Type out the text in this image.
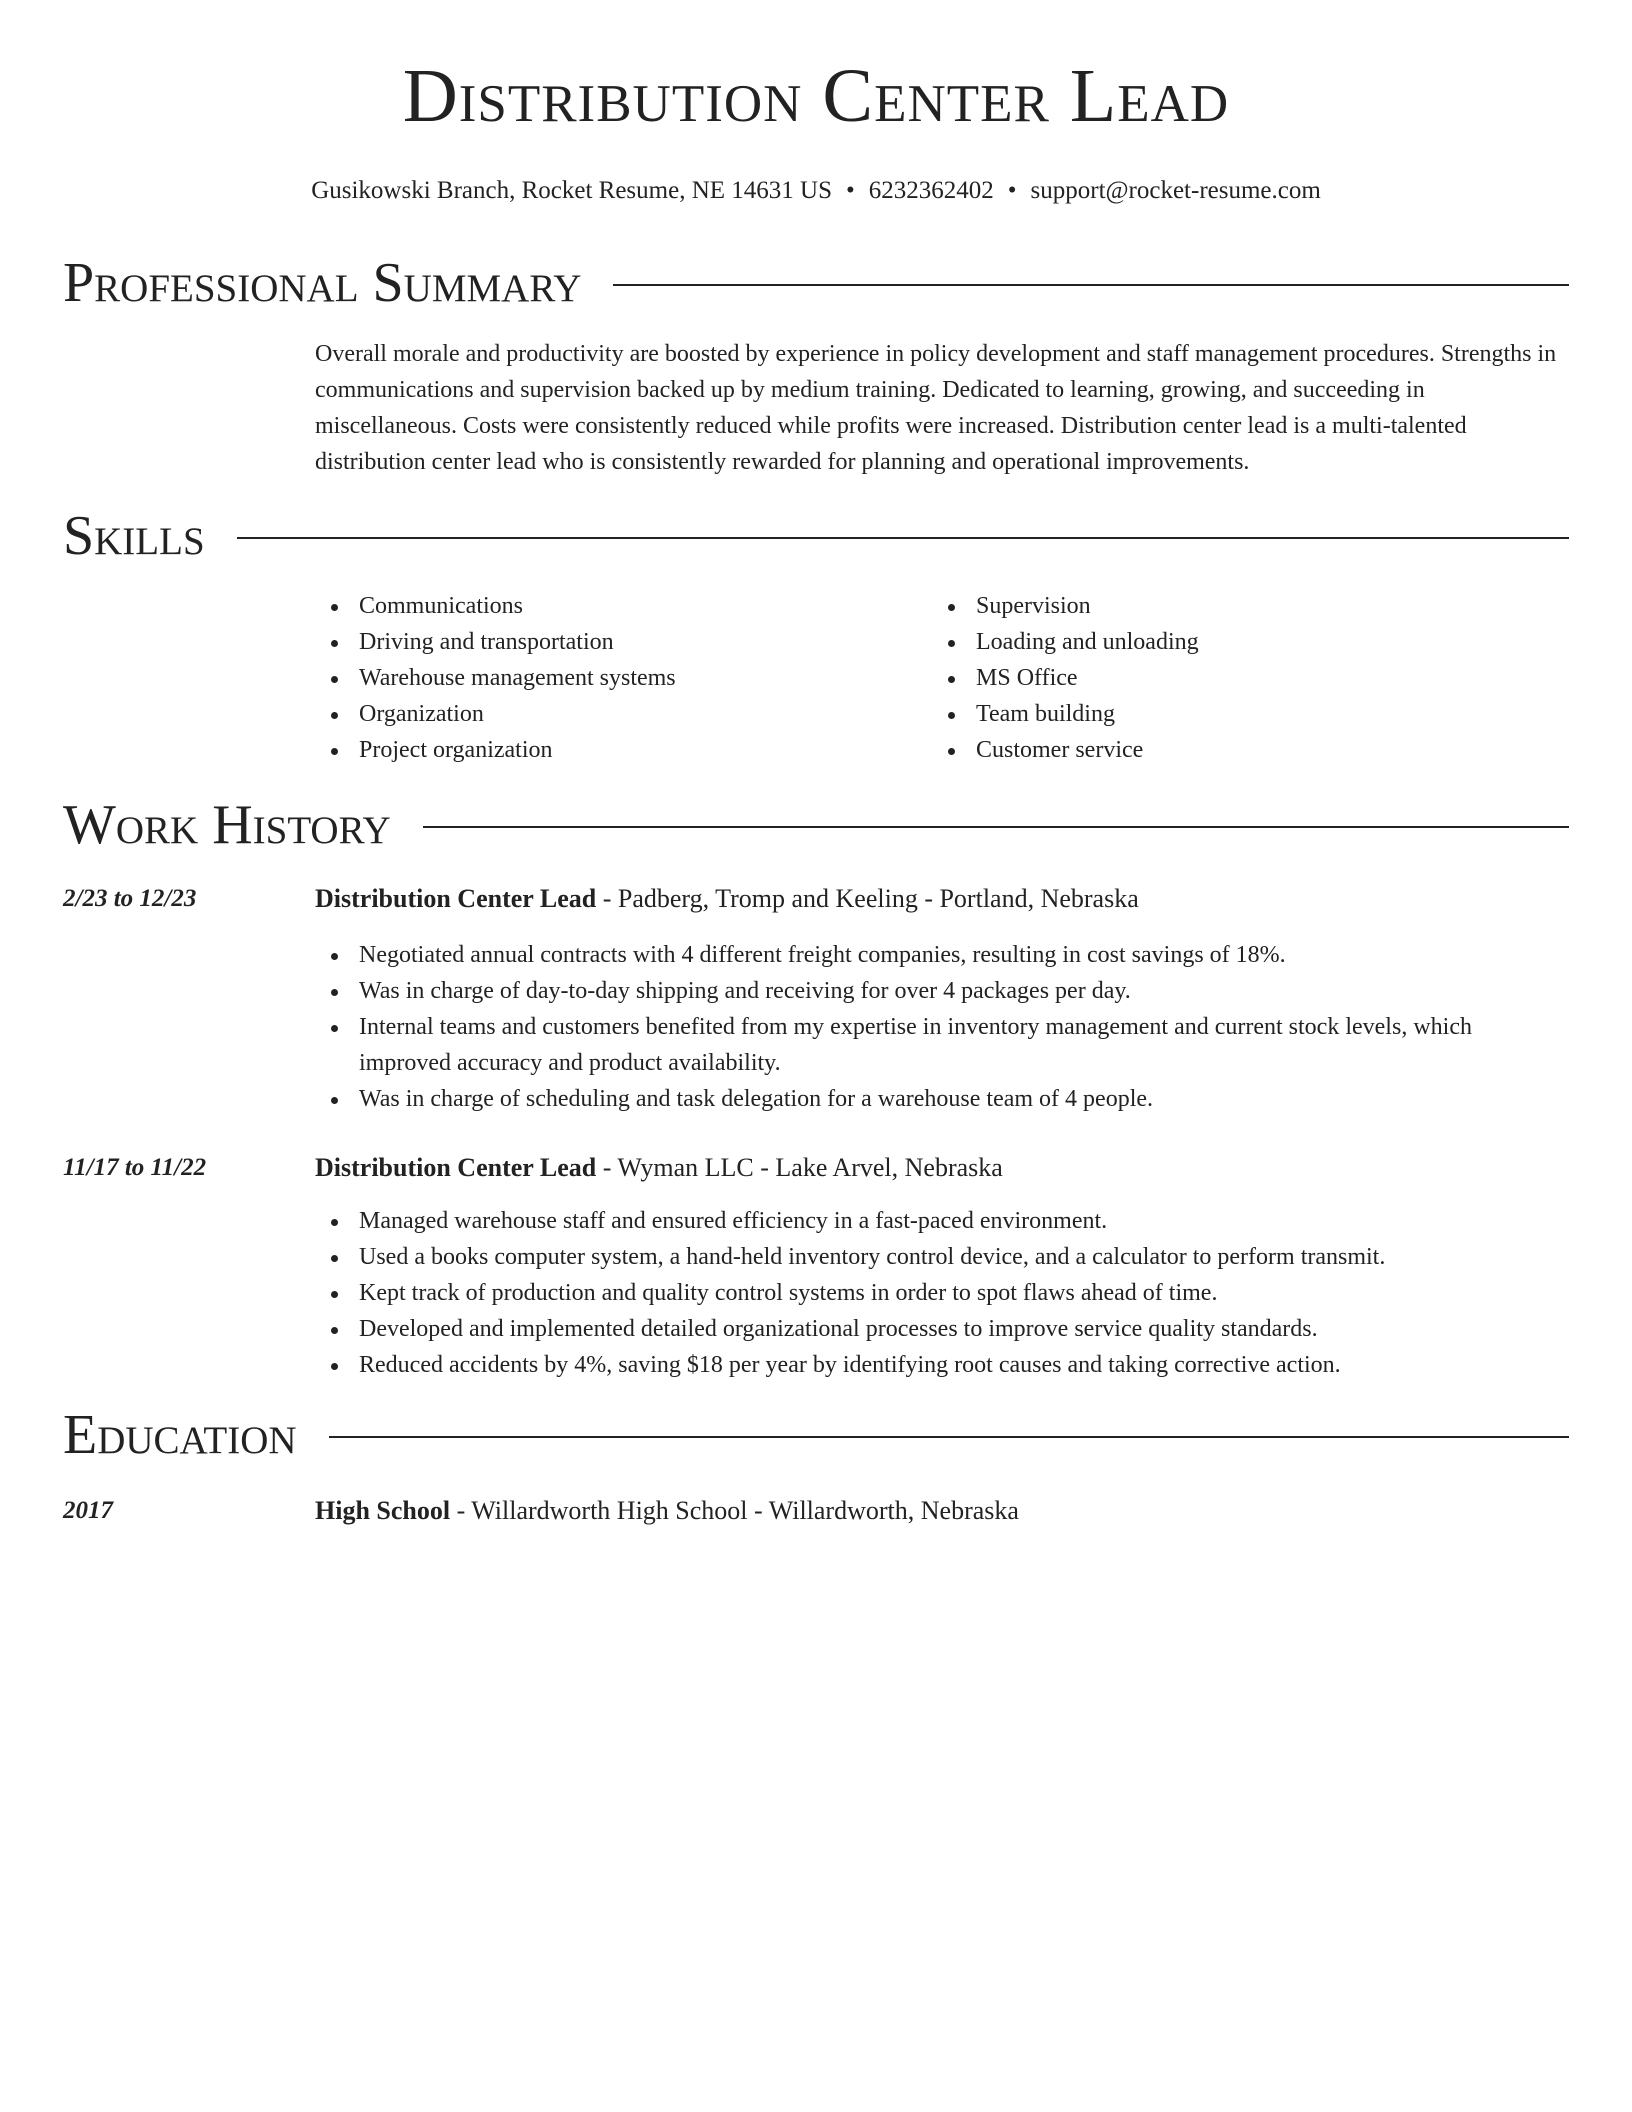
Distribution Center Lead
Gusikowski Branch, Rocket Resume, NE 14631 US • 6232362402 • support@rocket-resume.com
Professional Summary
Overall morale and productivity are boosted by experience in policy development and staff management procedures. Strengths in communications and supervision backed up by medium training. Dedicated to learning, growing, and succeeding in miscellaneous. Costs were consistently reduced while profits were increased. Distribution center lead is a multi-talented distribution center lead who is consistently rewarded for planning and operational improvements.
Skills
Communications
Driving and transportation
Warehouse management systems
Organization
Project organization
Supervision
Loading and unloading
MS Office
Team building
Customer service
Work History
2/23 to 12/23	Distribution Center Lead - Padberg, Tromp and Keeling - Portland, Nebraska
Negotiated annual contracts with 4 different freight companies, resulting in cost savings of 18%.
Was in charge of day-to-day shipping and receiving for over 4 packages per day.
Internal teams and customers benefited from my expertise in inventory management and current stock levels, which improved accuracy and product availability.
Was in charge of scheduling and task delegation for a warehouse team of 4 people.
11/17 to 11/22	Distribution Center Lead - Wyman LLC - Lake Arvel, Nebraska
Managed warehouse staff and ensured efficiency in a fast-paced environment.
Used a books computer system, a hand-held inventory control device, and a calculator to perform transmit.
Kept track of production and quality control systems in order to spot flaws ahead of time.
Developed and implemented detailed organizational processes to improve service quality standards.
Reduced accidents by 4%, saving $18 per year by identifying root causes and taking corrective action.
Education
2017	High School - Willardworth High School - Willardworth, Nebraska
